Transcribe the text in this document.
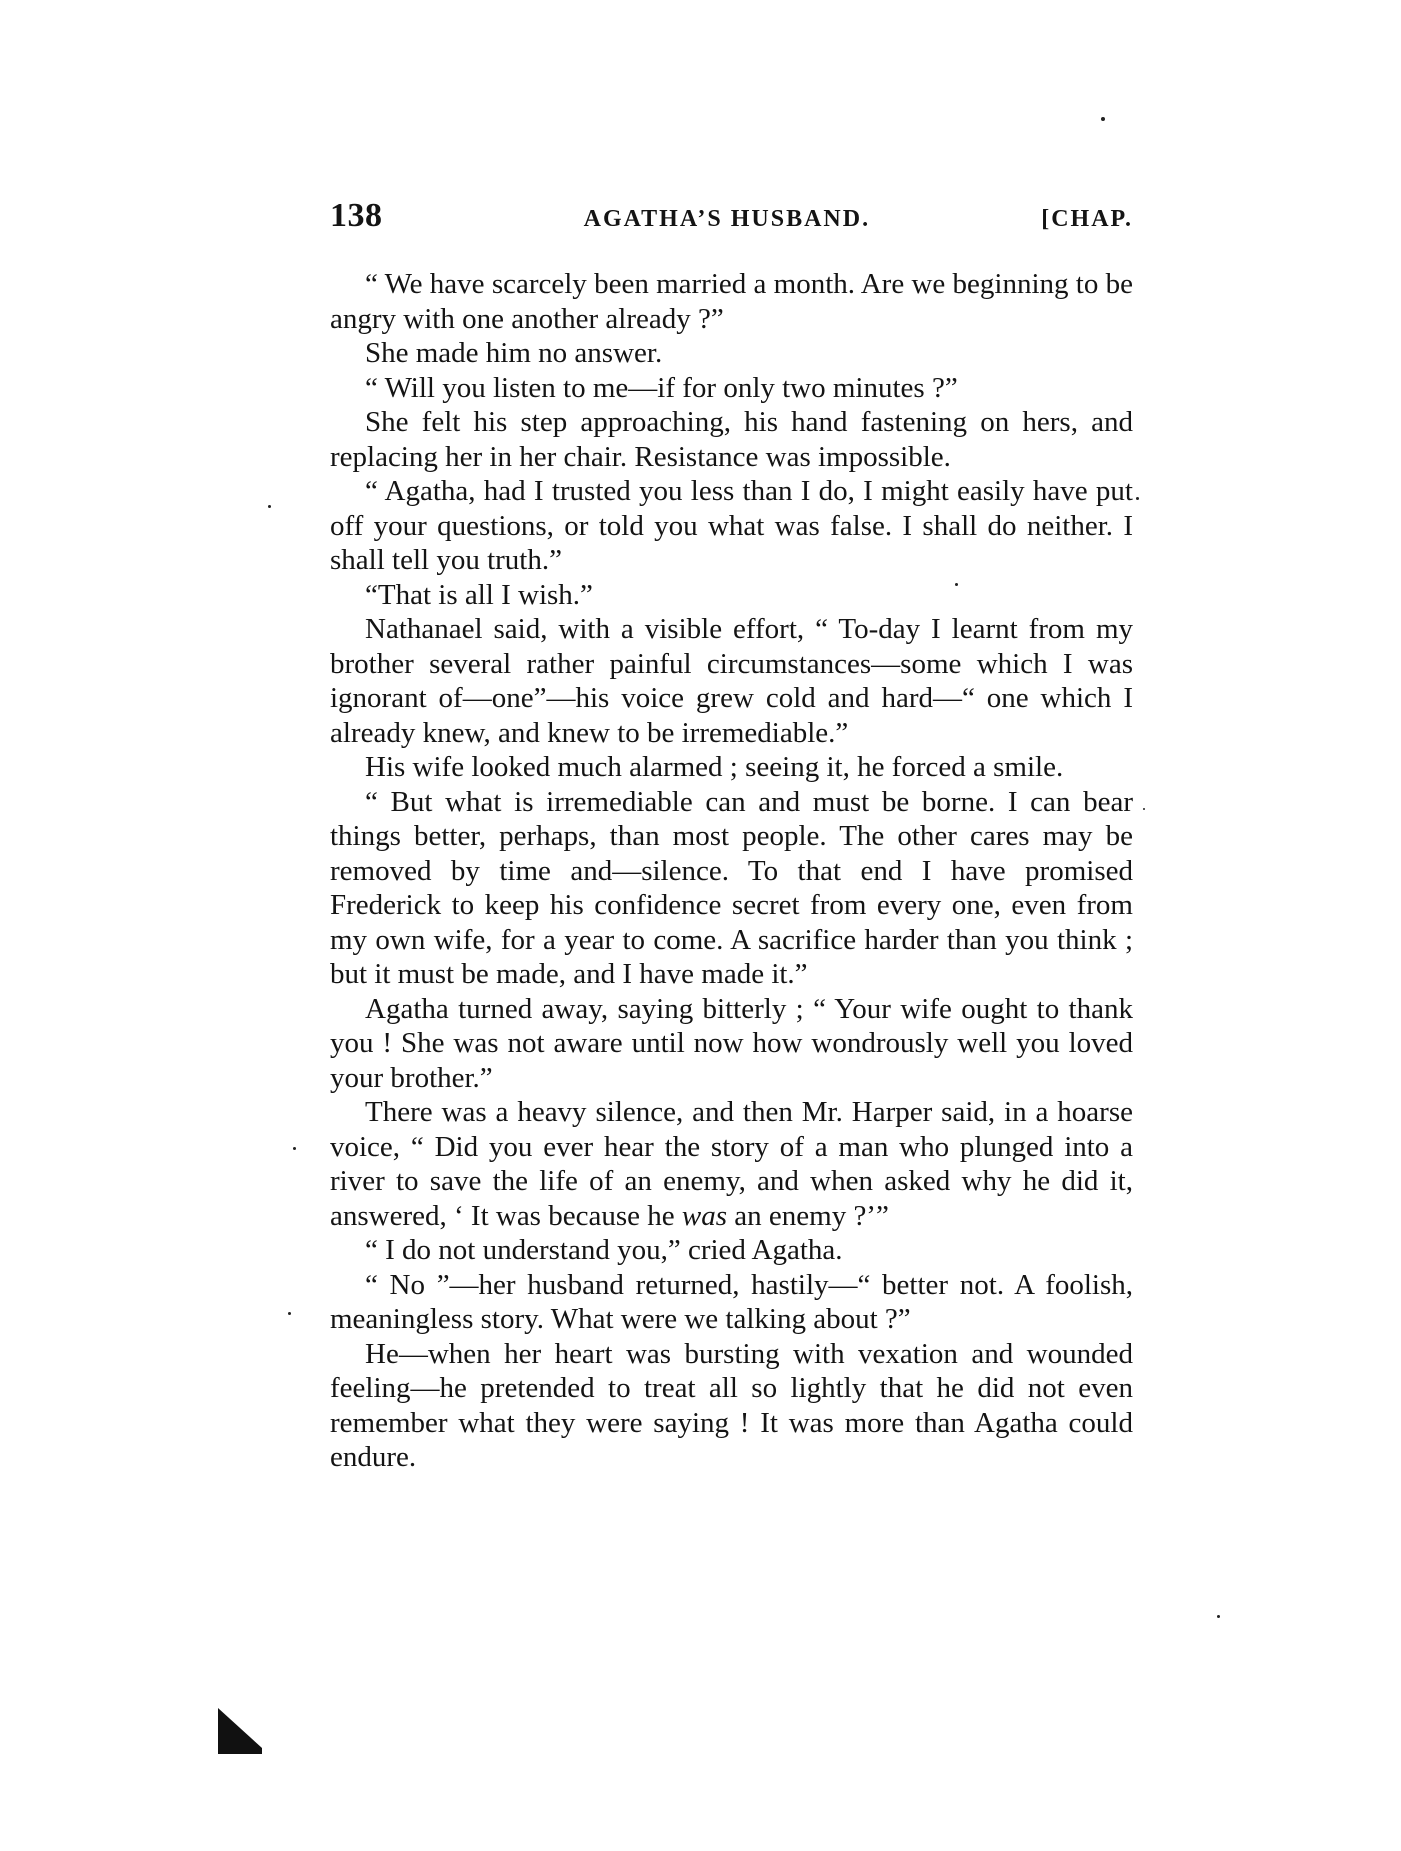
138	AGATHA’S HUSBAND.	[CHAP.

“ We have scarcely been married a month. Are we beginning to be angry with one another already ?”

She made him no answer.

“ Will you listen to me—if for only two minutes ?”

She felt his step approaching, his hand fastening on hers, and replacing her in her chair. Resistance was impossible.

“ Agatha, had I trusted you less than I do, I might easily have put off your questions, or told you what was false. I shall do neither. I shall tell you truth.”

“That is all I wish.”

Nathanael said, with a visible effort, “ To-day I learnt from my brother several rather painful circumstances—some which I was ignorant of—one”—his voice grew cold and hard—“ one which I already knew, and knew to be irremediable.”

His wife looked much alarmed ; seeing it, he forced a smile.

“ But what is irremediable can and must be borne. I can bear things better, perhaps, than most people. The other cares may be removed by time and—silence. To that end I have promised Frederick to keep his confidence secret from every one, even from my own wife, for a year to come. A sacrifice harder than you think ; but it must be made, and I have made it.”

Agatha turned away, saying bitterly ; “ Your wife ought to thank you ! She was not aware until now how wondrously well you loved your brother.”

There was a heavy silence, and then Mr. Harper said, in a hoarse voice, “ Did you ever hear the story of a man who plunged into a river to save the life of an enemy, and when asked why he did it, answered, ‘ It was because he was an enemy ?’”

“ I do not understand you,” cried Agatha.

“ No ”—her husband returned, hastily—“ better not. A foolish, meaningless story. What were we talking about ?”

He—when her heart was bursting with vexation and wounded feeling—he pretended to treat all so lightly that he did not even remember what they were saying ! It was more than Agatha could endure.
